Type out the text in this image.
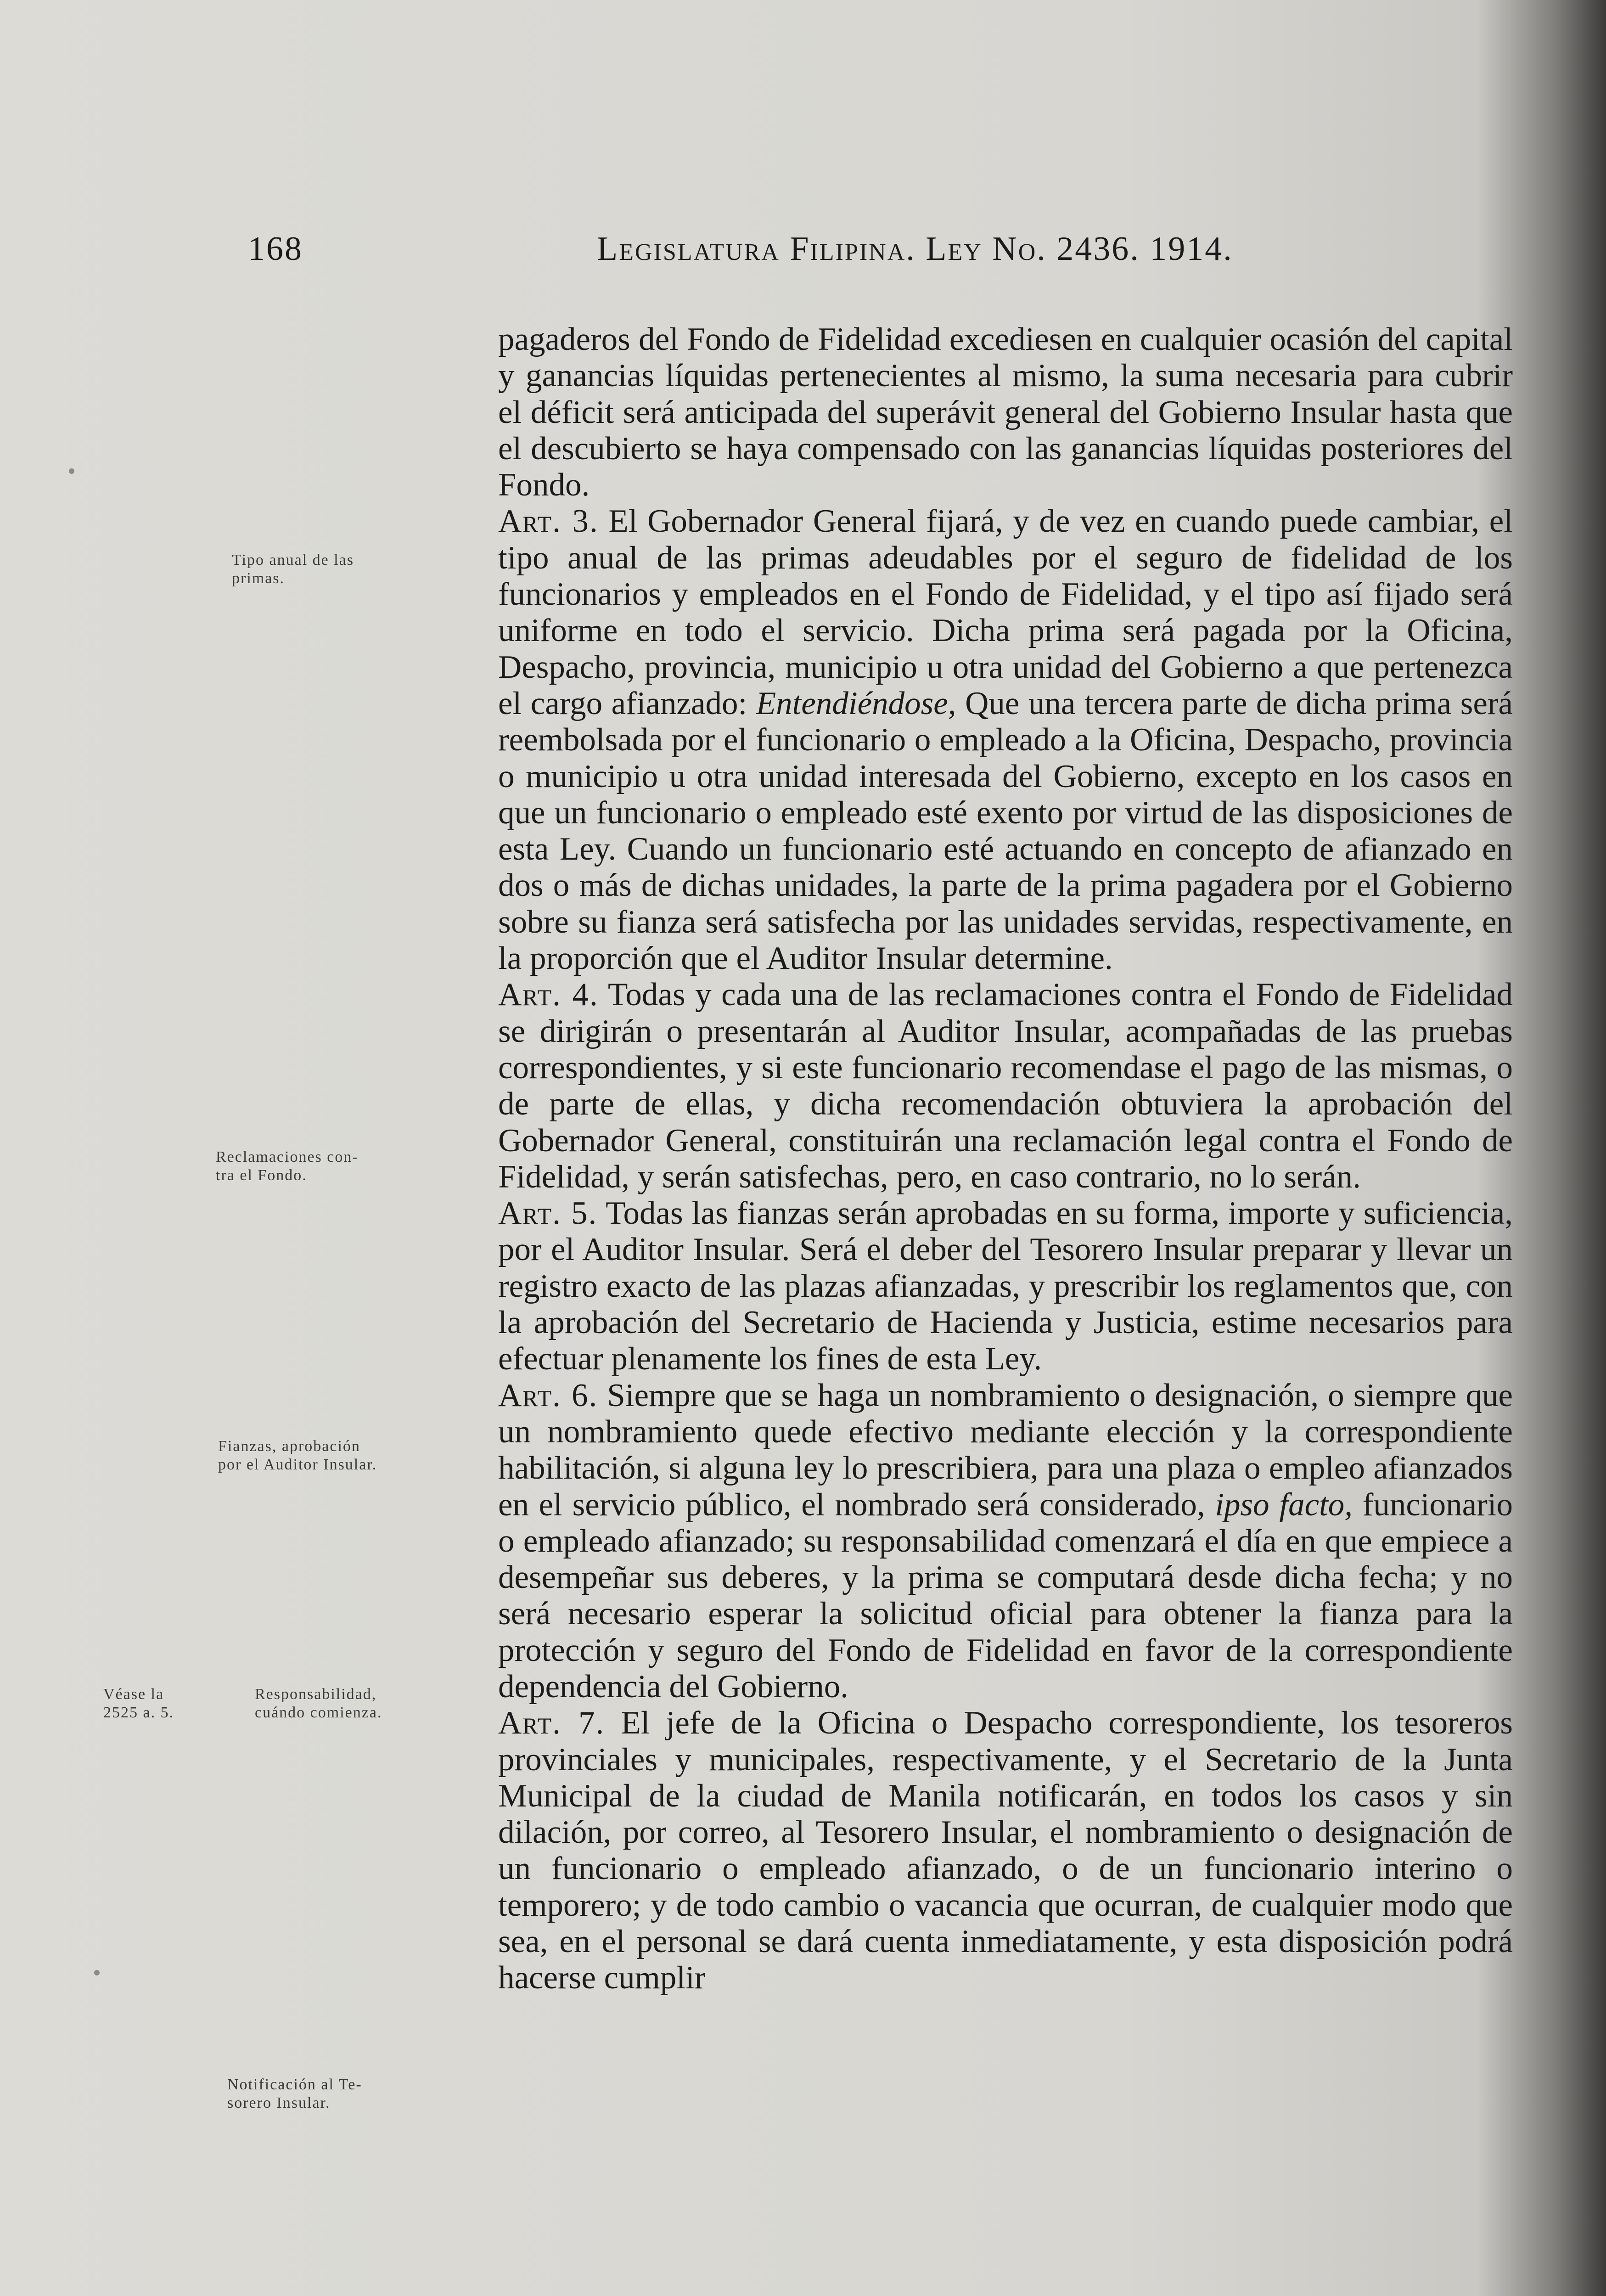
168	Legislatura Filipina. Ley No. 2436. 1914.
Tipo anual de las
primas.
Reclamaciones con-
tra el Fondo.
Fianzas, aprobación
por el Auditor Insular.
Véase la
2525 a. 5.
Responsabilidad,
cuándo comienza.
Notificación al Te-
sorero Insular.

pagaderos del Fondo de Fidelidad excediesen en cualquier ocasión del capital y ganancias líquidas pertenecientes al mismo, la suma necesaria para cubrir el déficit será anticipada del superávit general del Gobierno Insular hasta que el descubierto se haya compensado con las ganancias líquidas posteriores del Fondo.

Art. 3. El Gobernador General fijará, y de vez en cuando puede cambiar, el tipo anual de las primas adeudables por el seguro de fidelidad de los funcionarios y empleados en el Fondo de Fidelidad, y el tipo así fijado será uniforme en todo el servicio. Dicha prima será pagada por la Oficina, Despacho, provincia, municipio u otra unidad del Gobierno a que pertenezca el cargo afianzado: Entendiéndose, Que una tercera parte de dicha prima será reembolsada por el funcionario o empleado a la Oficina, Despacho, provincia o municipio u otra unidad interesada del Gobierno, excepto en los casos en que un funcionario o empleado esté exento por virtud de las disposiciones de esta Ley. Cuando un funcionario esté actuando en concepto de afianzado en dos o más de dichas unidades, la parte de la prima pagadera por el Gobierno sobre su fianza será satisfecha por las unidades servidas, respectivamente, en la proporción que el Auditor Insular determine.

Art. 4. Todas y cada una de las reclamaciones contra el Fondo de Fidelidad se dirigirán o presentarán al Auditor Insular, acompañadas de las pruebas correspondientes, y si este funcionario recomendase el pago de las mismas, o de parte de ellas, y dicha recomendación obtuviera la aprobación del Gobernador General, constituirán una reclamación legal contra el Fondo de Fidelidad, y serán satisfechas, pero, en caso contrario, no lo serán.

Art. 5. Todas las fianzas serán aprobadas en su forma, importe y suficiencia, por el Auditor Insular. Será el deber del Tesorero Insular preparar y llevar un registro exacto de las plazas afianzadas, y prescribir los reglamentos que, con la aprobación del Secretario de Hacienda y Justicia, estime necesarios para efectuar plenamente los fines de esta Ley.

Art. 6. Siempre que se haga un nombramiento o designación, o siempre que un nombramiento quede efectivo mediante elección y la correspondiente habilitación, si alguna ley lo prescribiera, para una plaza o empleo afianzados en el servicio público, el nombrado será considerado, ipso facto, funcionario o empleado afianzado; su responsabilidad comenzará el día en que empiece a desempeñar sus deberes, y la prima se computará desde dicha fecha; y no será necesario esperar la solicitud oficial para obtener la fianza para la protección y seguro del Fondo de Fidelidad en favor de la correspondiente dependencia del Gobierno.

Art. 7. El jefe de la Oficina o Despacho correspondiente, los tesoreros provinciales y municipales, respectivamente, y el Secretario de la Junta Municipal de la ciudad de Manila notificarán, en todos los casos y sin dilación, por correo, al Tesorero Insular, el nombramiento o designación de un funcionario o empleado afianzado, o de un funcionario interino o temporero; y de todo cambio o vacancia que ocurran, de cualquier modo que sea, en el personal se dará cuenta inmediatamente, y esta disposición podrá hacerse cumplir
